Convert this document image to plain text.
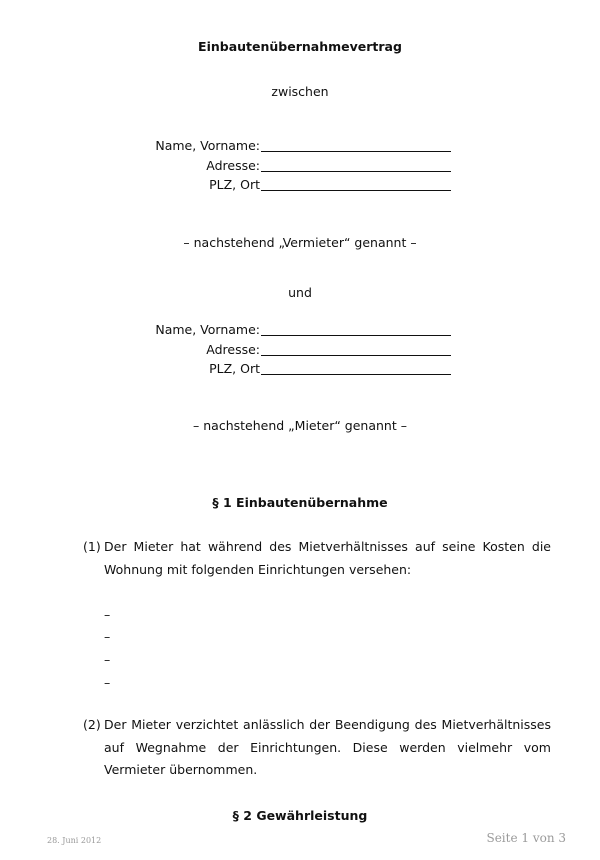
Einbautenübernahmevertrag
zwischen
Name, Vorname:
Adresse:
PLZ, Ort
– nachstehend „Vermieter“ genannt –
und
Name, Vorname:
Adresse:
PLZ, Ort
– nachstehend „Mieter“ genannt –
§ 1 Einbautenübernahme
(1) Der Mieter hat während des Mietverhältnisses auf seine Kosten die Wohnung mit folgenden Einrichtungen versehen:
–
–
–
–
(2) Der Mieter verzichtet anlässlich der Beendigung des Mietverhältnisses auf Wegnahme der Einrichtungen. Diese werden vielmehr vom Vermieter übernommen.
§ 2 Gewährleistung
28. Juni 2012	Seite 1 von 3
